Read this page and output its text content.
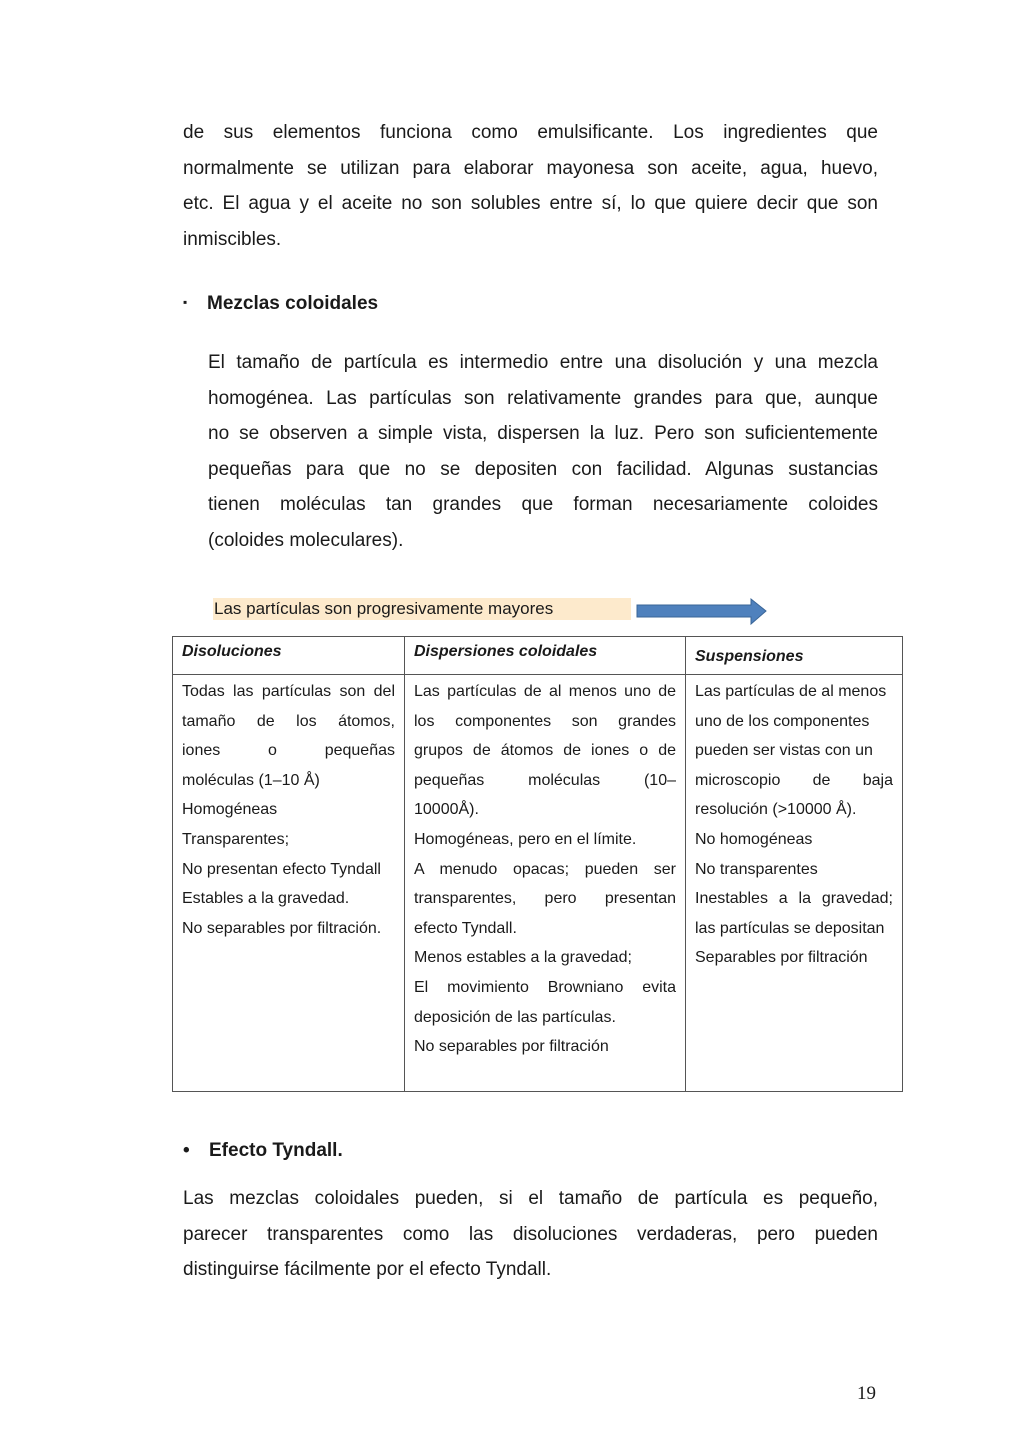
de sus elementos funciona como emulsificante. Los ingredientes que
normalmente se utilizan para elaborar mayonesa son aceite, agua, huevo,
etc. El agua y el aceite no son solubles entre sí, lo que quiere decir que son
inmiscibles.
▪ Mezclas coloidales
El tamaño de partícula es intermedio entre una disolución y una mezcla
homogénea. Las partículas son relativamente grandes para que, aunque
no se observen a simple vista, dispersen la luz. Pero son suficientemente
pequeñas para que no se depositen con facilidad. Algunas sustancias
tienen moléculas tan grandes que forman necesariamente coloides
(coloides moleculares).
Las partículas son progresivamente mayores
Disoluciones
Todas las partículas son del
tamaño de los átomos,
iones o pequeñas
moléculas (1–10 Å)
Homogéneas
Transparentes;
No presentan efecto Tyndall
Estables a la gravedad.
No separables por filtración.
Dispersiones coloidales
Las partículas de al menos uno de
los componentes son grandes
grupos de átomos de iones o de
pequeñas moléculas (10–
10000Å).
Homogéneas, pero en el límite.
A menudo opacas; pueden ser
transparentes, pero presentan
efecto Tyndall.
Menos estables a la gravedad;
El movimiento Browniano evita
deposición de las partículas.
No separables por filtración
Suspensiones
Las partículas de al menos
uno de los componentes
pueden ser vistas con un
microscopio de baja
resolución (>10000 Å).
No homogéneas
No transparentes
Inestables a la gravedad;
las partículas se depositan
Separables por filtración
• Efecto Tyndall.
Las mezclas coloidales pueden, si el tamaño de partícula es pequeño,
parecer transparentes como las disoluciones verdaderas, pero pueden
distinguirse fácilmente por el efecto Tyndall.
19
